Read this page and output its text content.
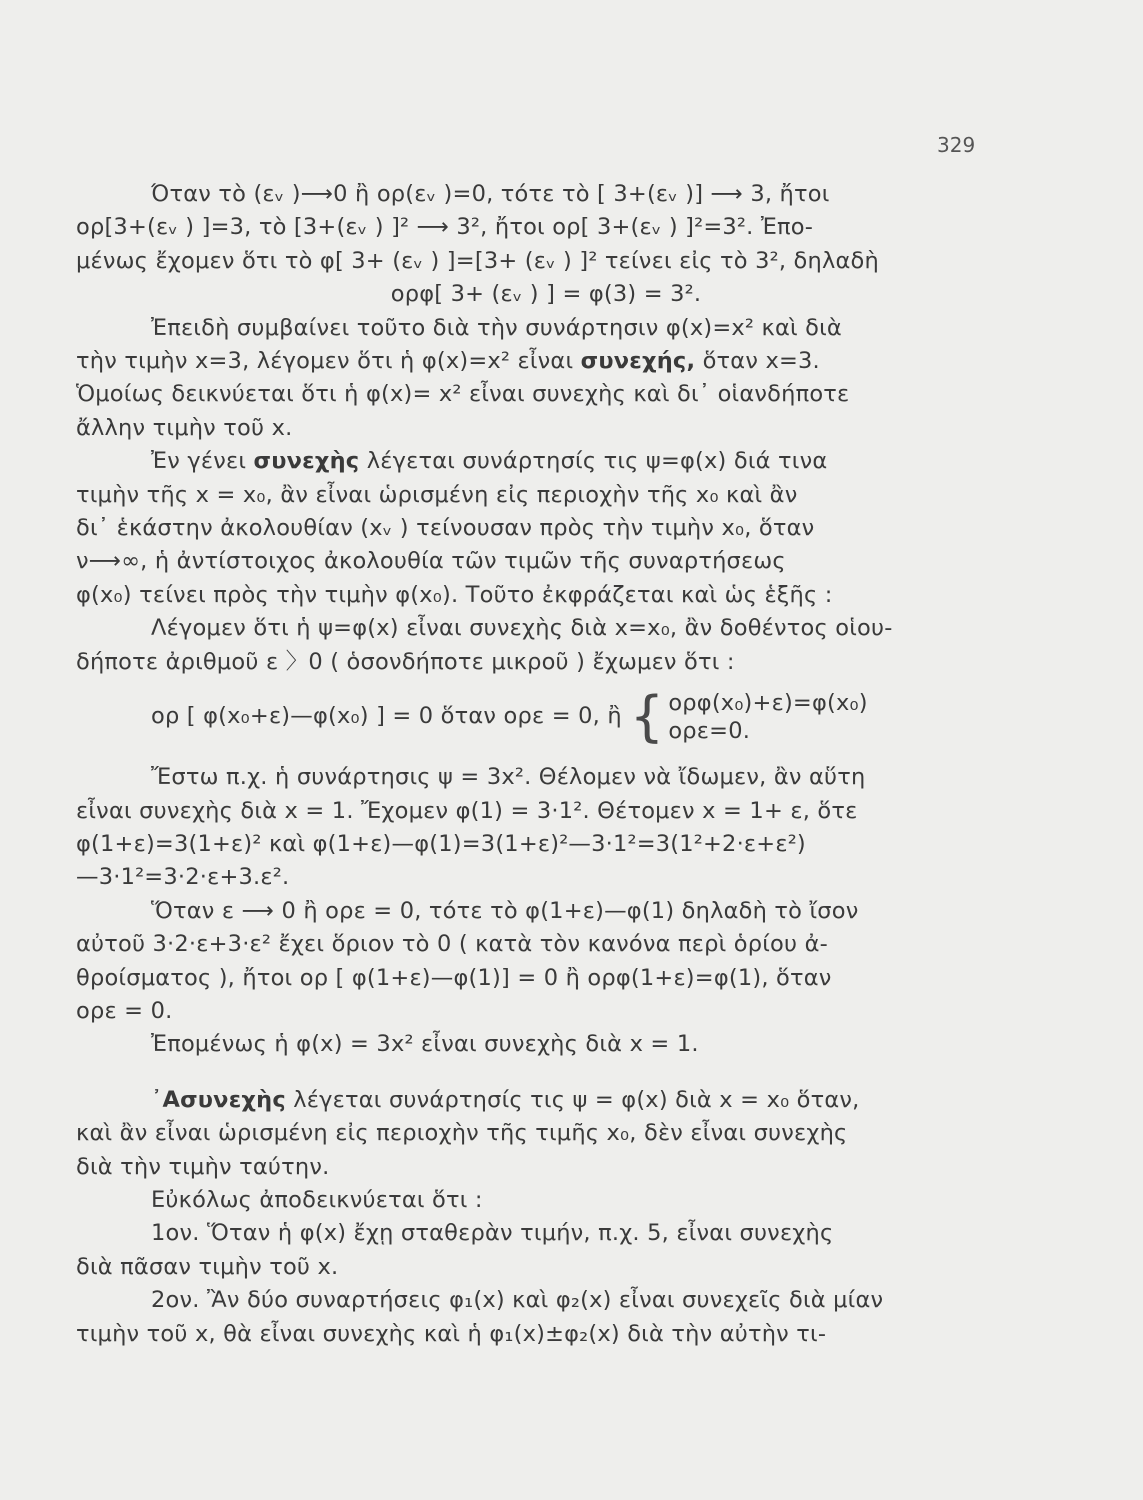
329

Όταν τὸ (εᵥ )⟶0 ἢ ορ(εᵥ )=0, τότε τὸ [ 3+(εᵥ )] ⟶ 3, ἤτοι

ορ[3+(εᵥ ) ]=3, τὸ [3+(εᵥ ) ]² ⟶ 3², ἤτοι ορ[ 3+(εᵥ ) ]²=3². Ἐπο-

μένως ἔχομεν ὅτι τὸ φ[ 3+ (εᵥ ) ]=[3+ (εᵥ ) ]² τείνει εἰς τὸ 3², δηλαδὴ

ορφ[ 3+ (εᵥ ) ] = φ(3) = 3².

Ἐπειδὴ συμβαίνει τοῦτο διὰ τὴν συνάρτησιν φ(x)=x² καὶ διὰ

τὴν τιμὴν x=3, λέγομεν ὅτι ἡ φ(x)=x² εἶναι συνεχής, ὅταν x=3.

Ὁμοίως δεικνύεται ὅτι ἡ φ(x)= x² εἶναι συνεχὴς καὶ δι᾽ οἱανδήποτε

ἄλλην τιμὴν τοῦ x.

Ἐν γένει συνεχὴς λέγεται συνάρτησίς τις ψ=φ(x) διά τινα

τιμὴν τῆς x = x₀, ἂν εἶναι ὡρισμένη εἰς περιοχὴν τῆς x₀ καὶ ἂν

δι᾽ ἑκάστην ἀκολουθίαν (xᵥ ) τείνουσαν πρὸς τὴν τιμὴν x₀, ὅταν

ν⟶∞, ἡ ἀντίστοιχος ἀκολουθία τῶν τιμῶν τῆς συναρτήσεως

φ(x₀) τείνει πρὸς τὴν τιμὴν φ(x₀). Τοῦτο ἐκφράζεται καὶ ὡς ἑξῆς :

Λέγομεν ὅτι ἡ ψ=φ(x) εἶναι συνεχὴς διὰ x=x₀, ἂν δοθέντος οἱου-

δήποτε ἀριθμοῦ ε 〉0 ( ὁσονδήποτε μικροῦ ) ἔχωμεν ὅτι :

ορ [ φ(x₀+ε)—φ(x₀) ] = 0 ὅταν ορε = 0, ἢ { ορφ(x₀)+ε)=φ(x₀)
ορε=0.

Ἔστω π.χ. ἡ συνάρτησις ψ = 3x². Θέλομεν νὰ ἴδωμεν, ἂν αὕτη

εἶναι συνεχὴς διὰ x = 1. Ἔχομεν φ(1) = 3·1². Θέτομεν x = 1+ ε, ὅτε

φ(1+ε)=3(1+ε)² καὶ φ(1+ε)—φ(1)=3(1+ε)²—3·1²=3(1²+2·ε+ε²)

—3·1²=3·2·ε+3.ε².

Ὅταν ε ⟶ 0 ἢ ορε = 0, τότε τὸ φ(1+ε)—φ(1) δηλαδὴ τὸ ἴσον

αὐτοῦ 3·2·ε+3·ε² ἔχει ὅριον τὸ 0 ( κατὰ τὸν κανόνα περὶ ὁρίου ἀ-

θροίσματος ), ἤτοι ορ [ φ(1+ε)—φ(1)] = 0 ἢ ορφ(1+ε)=φ(1), ὅταν

ορε = 0.

Ἐπομένως ἡ φ(x) = 3x² εἶναι συνεχὴς διὰ x = 1.

᾽Ασυνεχὴς λέγεται συνάρτησίς τις ψ = φ(x) διὰ x = x₀ ὅταν,

καὶ ἂν εἶναι ὡρισμένη εἰς περιοχὴν τῆς τιμῆς x₀, δὲν εἶναι συνεχὴς

διὰ τὴν τιμὴν ταύτην.

Εὐκόλως ἀποδεικνύεται ὅτι :

1ον. Ὅταν ἡ φ(x) ἔχῃ σταθερὰν τιμήν, π.χ. 5, εἶναι συνεχὴς

διὰ πᾶσαν τιμὴν τοῦ x.

2ον. Ἂν δύο συναρτήσεις φ₁(x) καὶ φ₂(x) εἶναι συνεχεῖς διὰ μίαν

τιμὴν τοῦ x, θὰ εἶναι συνεχὴς καὶ ἡ φ₁(x)±φ₂(x) διὰ τὴν αὐτὴν τι-
